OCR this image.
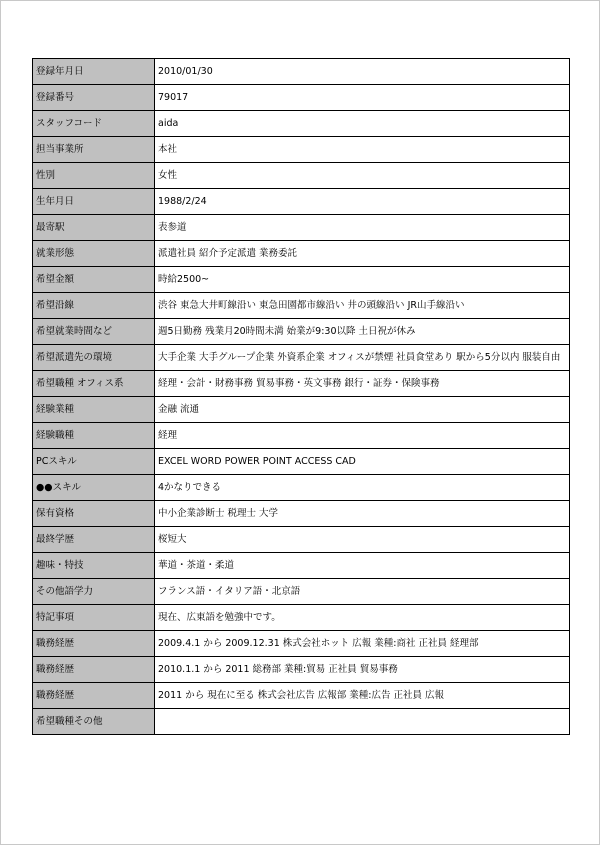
登録年月日	2010/01/30
登録番号	79017
スタッフコード	aida
担当事業所	本社
性別	女性
生年月日	1988/2/24
最寄駅	表参道
就業形態	派遣社員 紹介予定派遣 業務委託
希望金額	時給2500~
希望沿線	渋谷 東急大井町線沿い 東急田園都市線沿い 井の頭線沿い JR山手線沿い
希望就業時間など	週5日勤務 残業月20時間未満 始業が9:30以降 土日祝が休み
希望派遣先の環境	大手企業 大手グループ企業 外資系企業 オフィスが禁煙 社員食堂あり 駅から5分以内 服装自由
希望職種 オフィス系	経理・会計・財務事務 貿易事務・英文事務 銀行・証券・保険事務
経験業種	金融 流通
経験職種	経理
PCスキル	EXCEL WORD POWER POINT ACCESS CAD
●●スキル	4かなりできる
保有資格	中小企業診断士 税理士 大学
最終学歴	桜短大
趣味・特技	華道・茶道・柔道
その他語学力	フランス語・イタリア語・北京語
特記事項	現在、広東語を勉強中です。
職務経歴	2009.4.1 から 2009.12.31 株式会社ホット 広報 業種:商社 正社員 経理部
職務経歴	2010.1.1 から 2011 総務部 業種:貿易 正社員 貿易事務
職務経歴	2011 から 現在に至る 株式会社広告 広報部 業種:広告 正社員 広報
希望職種その他	
